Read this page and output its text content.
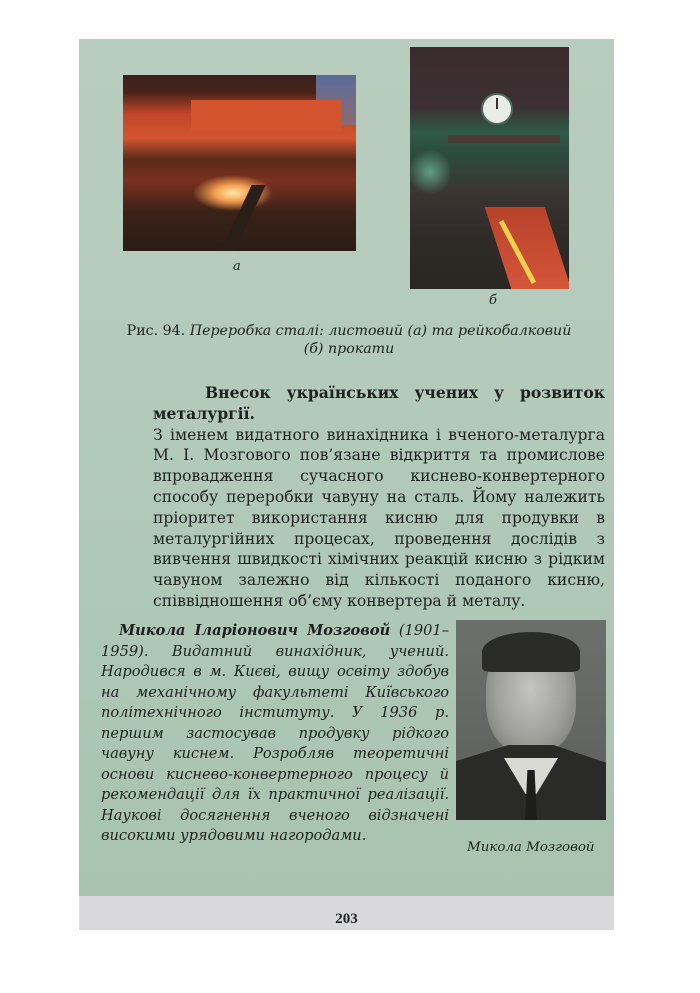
а
б
Рис. 94. Переробка сталі: листовий (а) та рейкобалковий (б) прокати
Внесок українських учених у розвиток металургії.
З іменем видатного винахідника і вченого-металурга М. І. Мозгового пов’язане відкриття та промислове впровадження сучасного киснево-конвертерного способу переробки чавуну на сталь. Йому належить пріоритет використання кисню для продувки в металургійних процесах, проведення дослідів з вивчення швидкості хімічних реакцій кисню з рідким чавуном залежно від кількості поданого кисню, співвідношення об’єму конвертера й металу.
Микола Іларіонович Мозговой (1901–1959). Видатний винахідник, учений. Народився в м. Києві, вищу освіту здобув на механічному факультеті Київського політехнічного інституту. У 1936 р. першим застосував продувку рідкого чавуну киснем. Розробляв теоретичні основи киснево-конвертерного процесу й рекомендації для їх практичної реалізації. Наукові досягнення вченого відзначені високими урядовими нагородами.
Микола Мозговой
203
